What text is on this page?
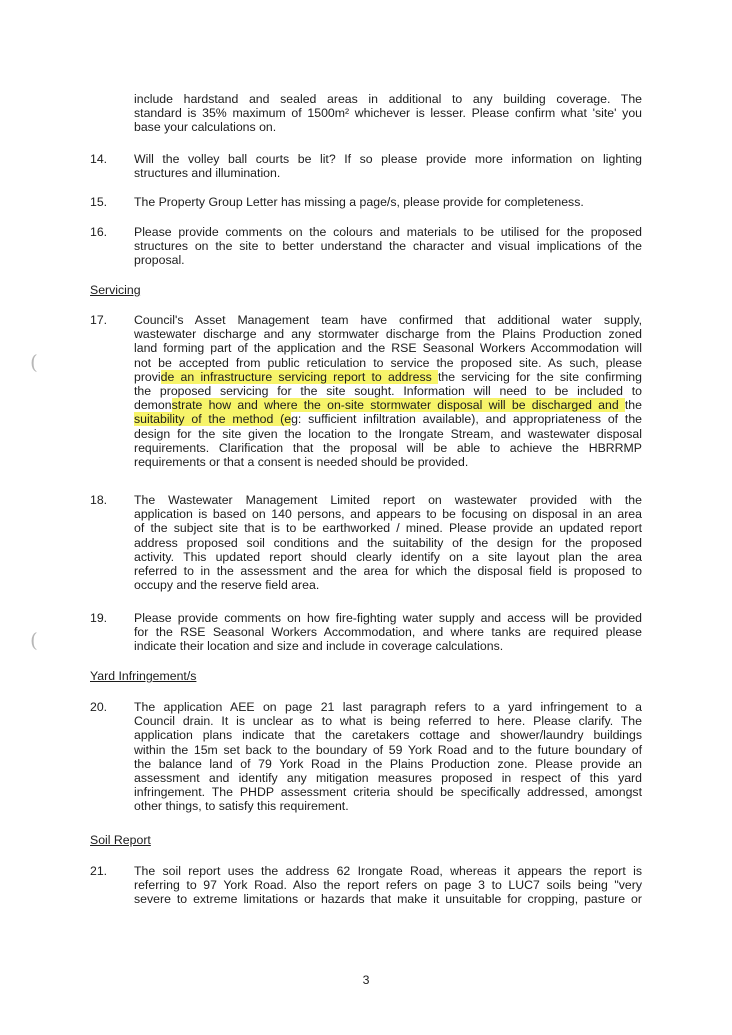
include hardstand and sealed areas in additional to any building coverage. The
standard is 35% maximum of 1500m² whichever is lesser. Please confirm what 'site' you
base your calculations on.
14. Will the volley ball courts be lit? If so please provide more information on lighting
structures and illumination.
15. The Property Group Letter has missing a page/s, please provide for completeness.
16. Please provide comments on the colours and materials to be utilised for the proposed
structures on the site to better understand the character and visual implications of the
proposal.
Servicing
17. Council's Asset Management team have confirmed that additional water supply,
wastewater discharge and any stormwater discharge from the Plains Production zoned
land forming part of the application and the RSE Seasonal Workers Accommodation will
not be accepted from public reticulation to service the proposed site. As such, please
provide an infrastructure servicing report to address the servicing for the site confirming
the proposed servicing for the site sought. Information will need to be included to
demonstrate how and where the on-site stormwater disposal will be discharged and the
suitability of the method (eg: sufficient infiltration available), and appropriateness of the
design for the site given the location to the Irongate Stream, and wastewater disposal
requirements. Clarification that the proposal will be able to achieve the HBRRMP
requirements or that a consent is needed should be provided.
18. The Wastewater Management Limited report on wastewater provided with the
application is based on 140 persons, and appears to be focusing on disposal in an area
of the subject site that is to be earthworked / mined. Please provide an updated report
address proposed soil conditions and the suitability of the design for the proposed
activity. This updated report should clearly identify on a site layout plan the area
referred to in the assessment and the area for which the disposal field is proposed to
occupy and the reserve field area.
19. Please provide comments on how fire-fighting water supply and access will be provided
for the RSE Seasonal Workers Accommodation, and where tanks are required please
indicate their location and size and include in coverage calculations.
Yard Infringement/s
20. The application AEE on page 21 last paragraph refers to a yard infringement to a
Council drain. It is unclear as to what is being referred to here. Please clarify. The
application plans indicate that the caretakers cottage and shower/laundry buildings
within the 15m set back to the boundary of 59 York Road and to the future boundary of
the balance land of 79 York Road in the Plains Production zone. Please provide an
assessment and identify any mitigation measures proposed in respect of this yard
infringement. The PHDP assessment criteria should be specifically addressed, amongst
other things, to satisfy this requirement.
Soil Report
21. The soil report uses the address 62 Irongate Road, whereas it appears the report is
referring to 97 York Road. Also the report refers on page 3 to LUC7 soils being "very
severe to extreme limitations or hazards that make it unsuitable for cropping, pasture or
(
(
3
